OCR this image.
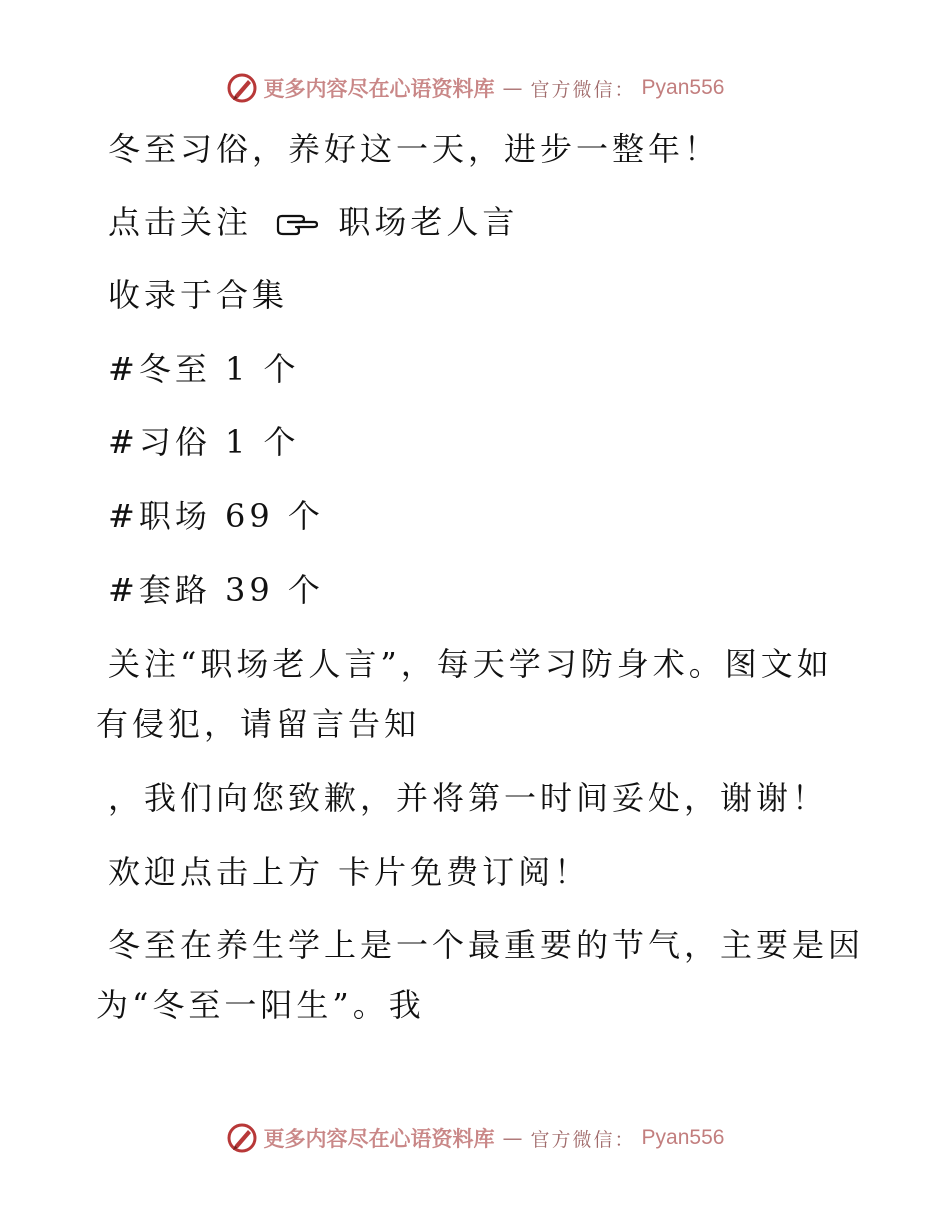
更多内容尽在心语资料库 — 官方微信： Pyan556
冬至习俗，养好这一天，进步一整年！
点击关注	职场老人言
收录于合集
#冬至 1 个
#习俗 1 个
#职场 69 个
#套路 39 个
关注“职场老人言”，每天学习防身术。图文如
有侵犯，请留言告知
，我们向您致歉，并将第一时间妥处，谢谢！
欢迎点击上方 卡片免费订阅！
冬至在养生学上是一个最重要的节气，主要是因
为“冬至一阳生”。我
更多内容尽在心语资料库 — 官方微信： Pyan556
